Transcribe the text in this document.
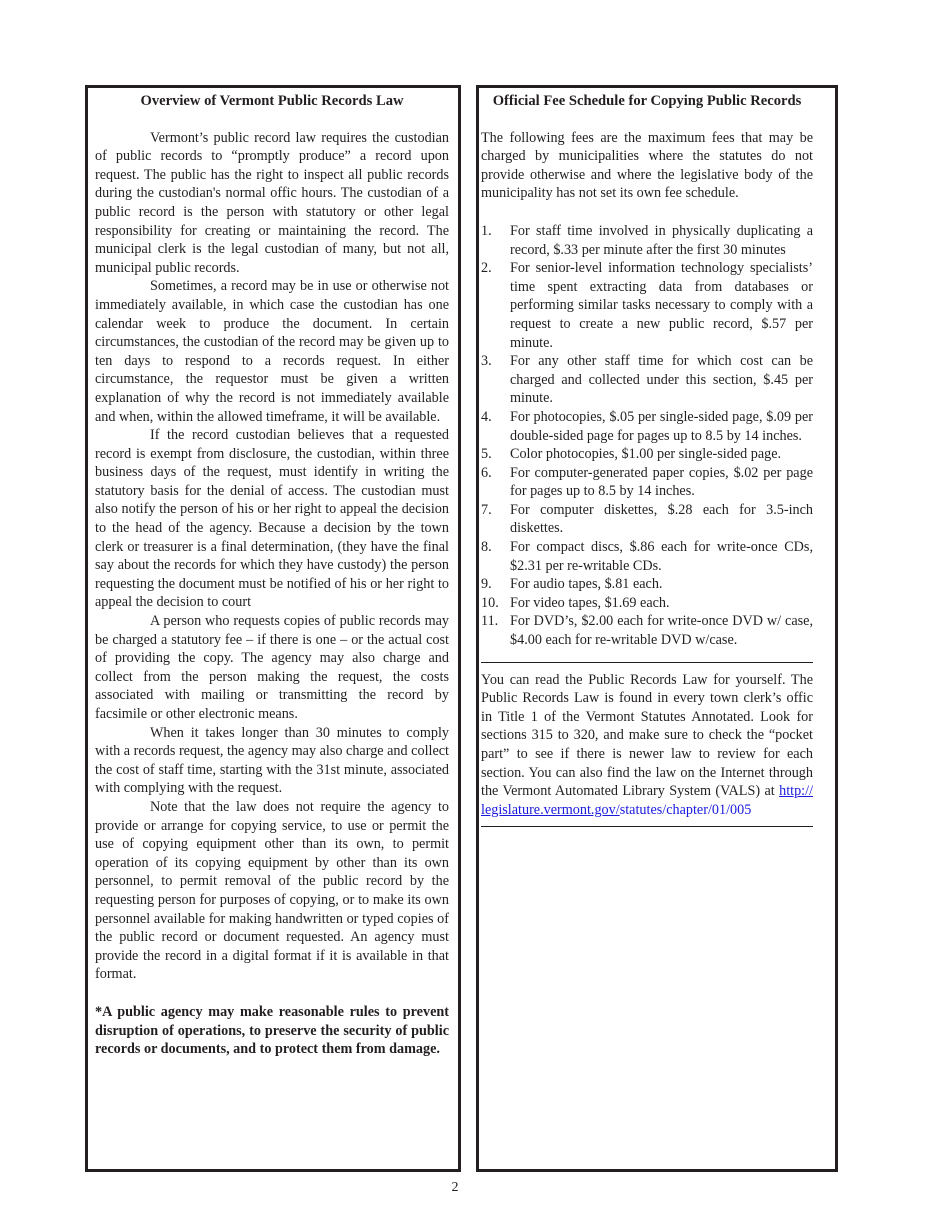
Overview of Vermont Public Records Law

Vermont’s public record law requires the custodian of public records to “promptly produce” a record upon request. The public has the right to inspect all public records during the custodian's normal offic hours. The custodian of a public record is the person with statutory or other legal responsibility for creating or maintaining the record. The municipal clerk is the legal custodian of many, but not all, municipal public records.

Sometimes, a record may be in use or otherwise not immediately available, in which case the custodian has one calendar week to produce the document. In certain circumstances, the custodian of the record may be given up to ten days to respond to a records request. In either circumstance, the requestor must be given a written explanation of why the record is not immediately available and when, within the allowed timeframe, it will be available.

If the record custodian believes that a requested record is exempt from disclosure, the custodian, within three business days of the request, must identify in writing the statutory basis for the denial of access. The custodian must also notify the person of his or her right to appeal the decision to the head of the agency. Because a decision by the town clerk or treasurer is a final determination, (they have the final say about the records for which they have custody) the person requesting the document must be notified of his or her right to appeal the decision to court

A person who requests copies of public records may be charged a statutory fee – if there is one – or the actual cost of providing the copy. The agency may also charge and collect from the person making the request, the costs associated with mailing or transmitting the record by facsimile or other electronic means.

When it takes longer than 30 minutes to comply with a records request, the agency may also charge and collect the cost of staff time, starting with the 31st minute, associated with complying with the request.

Note that the law does not require the agency to provide or arrange for copying service, to use or permit the use of copying equipment other than its own, to permit operation of its copying equipment by other than its own personnel, to permit removal of the public record by the requesting person for purposes of copying, or to make its own personnel available for making handwritten or typed copies of the public record or document requested. An agency must provide the record in a digital format if it is available in that format.

*A public agency may make reasonable rules to prevent disruption of operations, to preserve the security of public records or documents, and to protect them from damage.

Official Fee Schedule for Copying Public Records

The following fees are the maximum fees that may be charged by municipalities where the statutes do not provide otherwise and where the legislative body of the municipality has not set its own fee schedule.

1.	For staff time involved in physically duplicating a record, $.33 per minute after the first 30 minutes
2.	For senior-level information technology specialists’ time spent extracting data from databases or performing similar tasks necessary to comply with a request to create a new public record, $.57 per minute.
3.	For any other staff time for which cost can be charged and collected under this section, $.45 per minute.
4.	For photocopies, $.05 per single-sided page, $.09 per double-sided page for pages up to 8.5 by 14 inches.
5.	Color photocopies, $1.00 per single-sided page.
6.	For computer-generated paper copies, $.02 per page for pages up to 8.5 by 14 inches.
7.	For computer diskettes, $.28 each for 3.5-inch diskettes.
8.	For compact discs, $.86 each for write-once CDs, $2.31 per re-writable CDs.
9.	For audio tapes, $.81 each.
10. For video tapes, $1.69 each.
11. For DVD’s, $2.00 each for write-once DVD w/ case, $4.00 each for re-writable DVD w/case.

You can read the Public Records Law for yourself. The Public Records Law is found in every town clerk’s offic in Title 1 of the Vermont Statutes Annotated. Look for sections 315 to 320, and make sure to check the “pocket part” to see if there is newer law to review for each section. You can also find the law on the Internet through the Vermont Automated Library System (VALS) at http:// legislature.vermont.gov/statutes/chapter/01/005

2
